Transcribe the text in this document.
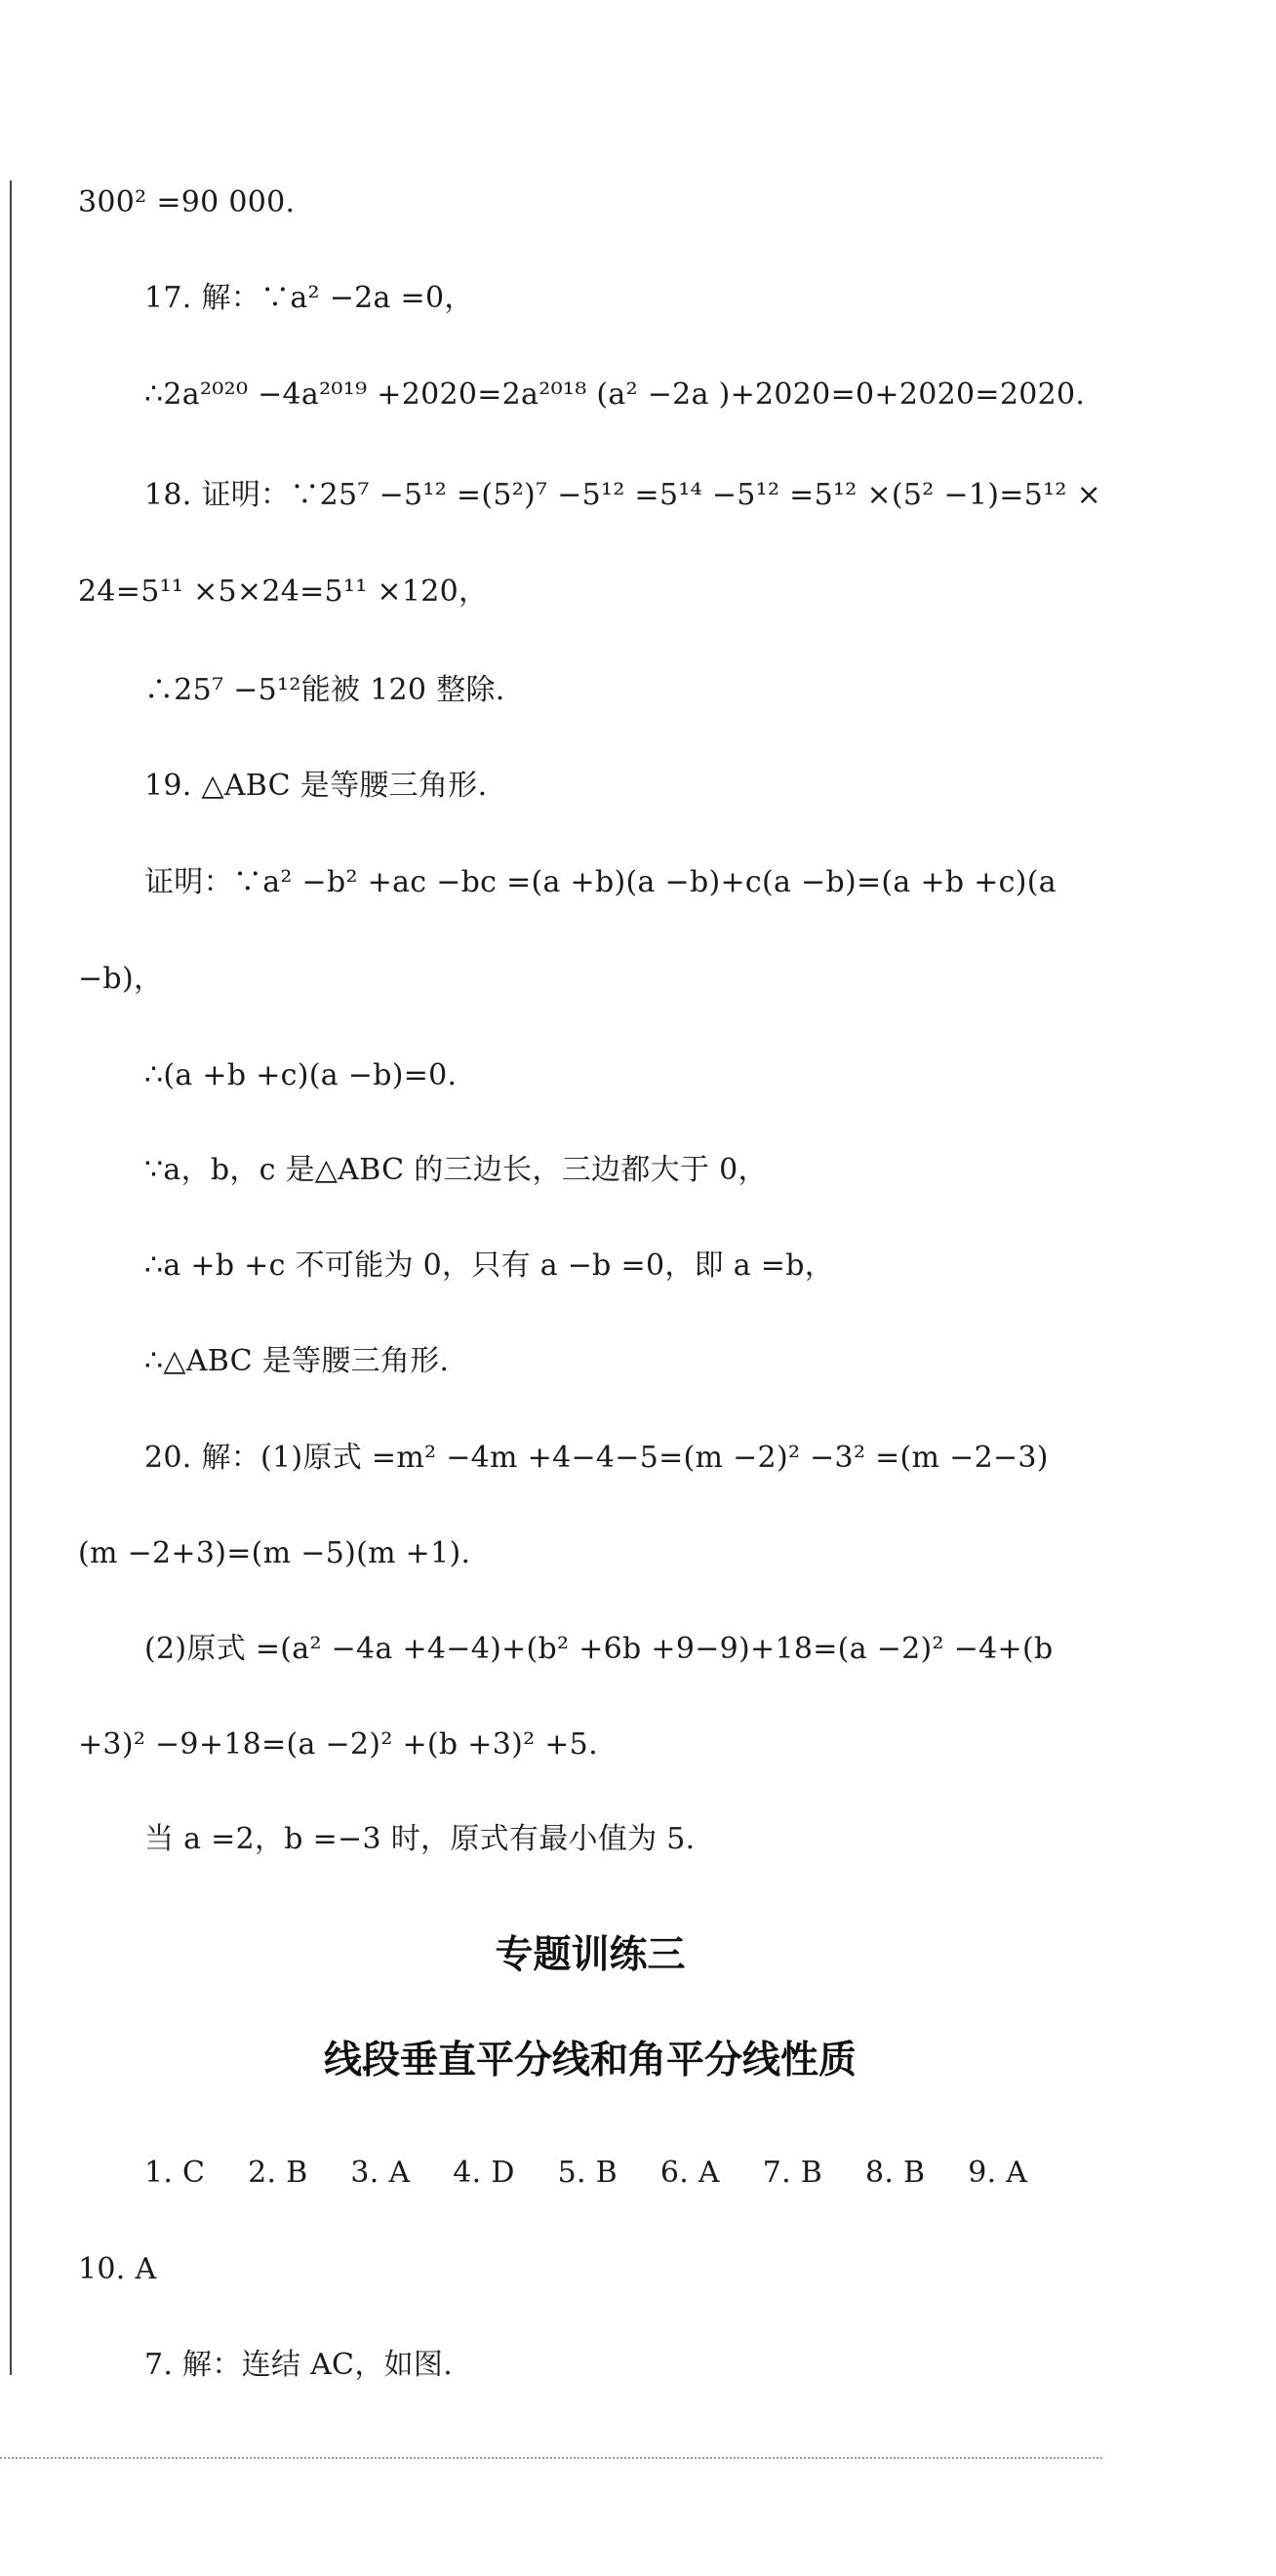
300² =90 000.
17. 解：∵a² −2a =0，
∴2a²⁰²⁰ −4a²⁰¹⁹ +2020=2a²⁰¹⁸ (a² −2a )+2020=0+2020=2020.
18. 证明：∵25⁷ −5¹² =(5²)⁷ −5¹² =5¹⁴ −5¹² =5¹² ×(5² −1)=5¹² ×
24=5¹¹ ×5×24=5¹¹ ×120，
∴25⁷ −5¹²能被 120 整除.
19. △ABC 是等腰三角形.
证明：∵a² −b² +ac −bc =(a +b)(a −b)+c(a −b)=(a +b +c)(a
−b)，
∴(a +b +c)(a −b)=0.
∵a，b，c 是△ABC 的三边长，三边都大于 0，
∴a +b +c 不可能为 0，只有 a −b =0，即 a =b，
∴△ABC 是等腰三角形.
20. 解：(1)原式 =m² −4m +4−4−5=(m −2)² −3² =(m −2−3)
(m −2+3)=(m −5)(m +1).
(2)原式 =(a² −4a +4−4)+(b² +6b +9−9)+18=(a −2)² −4+(b
+3)² −9+18=(a −2)² +(b +3)² +5.
当 a =2，b =−3 时，原式有最小值为 5.
专题训练三
线段垂直平分线和角平分线性质
1. C 2. B 3. A 4. D 5. B 6. A 7. B 8. B 9. A
10. A
7. 解：连结 AC，如图.
